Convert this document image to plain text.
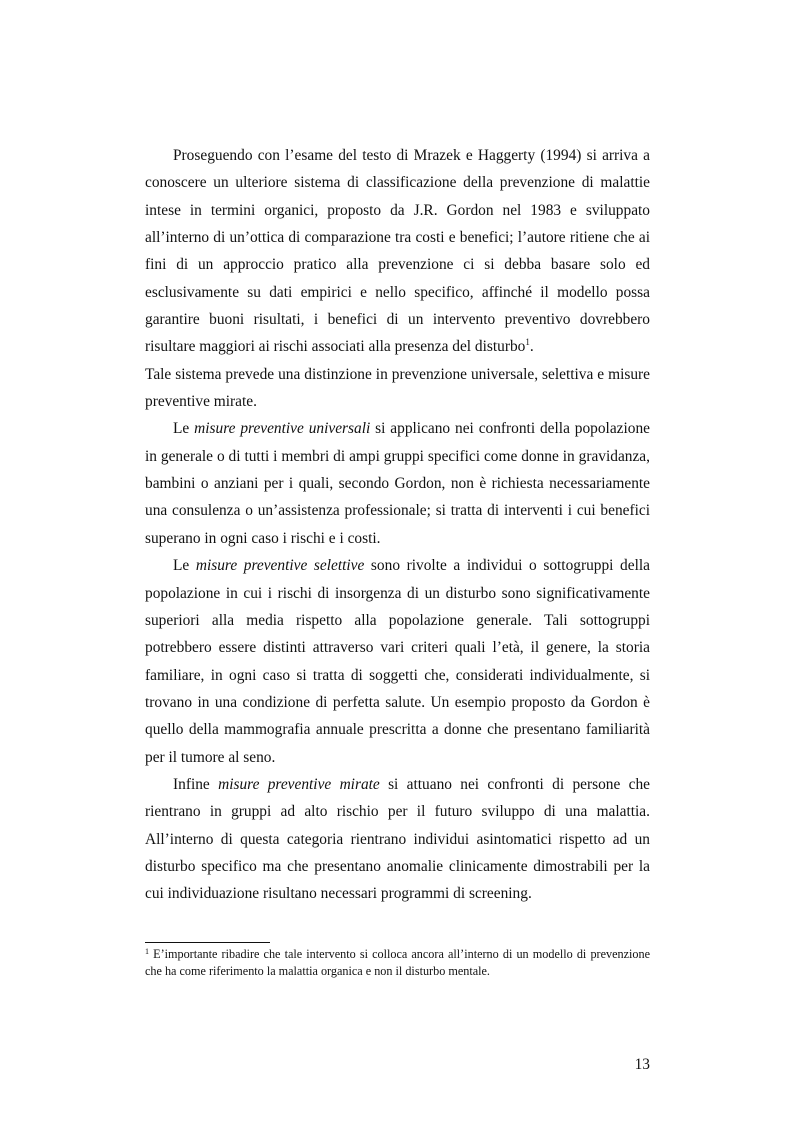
Proseguendo con l’esame del testo di Mrazek e Haggerty (1994) si arriva a conoscere un ulteriore sistema di classificazione della prevenzione di malattie intese in termini organici, proposto da J.R. Gordon nel 1983 e sviluppato all’interno di un’ottica di comparazione tra costi e benefici; l’autore ritiene che ai fini di un approccio pratico alla prevenzione ci si debba basare solo ed esclusivamente su dati empirici e nello specifico, affinché il modello possa garantire buoni risultati, i benefici di un intervento preventivo dovrebbero risultare maggiori ai rischi associati alla presenza del disturbo$^1$.

Tale sistema prevede una distinzione in prevenzione universale, selettiva e misure preventive mirate.

Le misure preventive universali si applicano nei confronti della popolazione in generale o di tutti i membri di ampi gruppi specifici come donne in gravidanza, bambini o anziani per i quali, secondo Gordon, non è richiesta necessariamente una consulenza o un’assistenza professionale; si tratta di interventi i cui benefici superano in ogni caso i rischi e i costi.

Le misure preventive selettive sono rivolte a individui o sottogruppi della popolazione in cui i rischi di insorgenza di un disturbo sono significativamente superiori alla media rispetto alla popolazione generale. Tali sottogruppi potrebbero essere distinti attraverso vari criteri quali l’età, il genere, la storia familiare, in ogni caso si tratta di soggetti che, considerati individualmente, si trovano in una condizione di perfetta salute. Un esempio proposto da Gordon è quello della mammografia annuale prescritta a donne che presentano familiarità per il tumore al seno.

Infine misure preventive mirate si attuano nei confronti di persone che rientrano in gruppi ad alto rischio per il futuro sviluppo di una malattia. All’interno di questa categoria rientrano individui asintomatici rispetto ad un disturbo specifico ma che presentano anomalie clinicamente dimostrabili per la cui individuazione risultano necessari programmi di screening.

$^1$ E’importante ribadire che tale intervento si colloca ancora all’interno di un modello di prevenzione che ha come riferimento la malattia organica e non il disturbo mentale.

13
